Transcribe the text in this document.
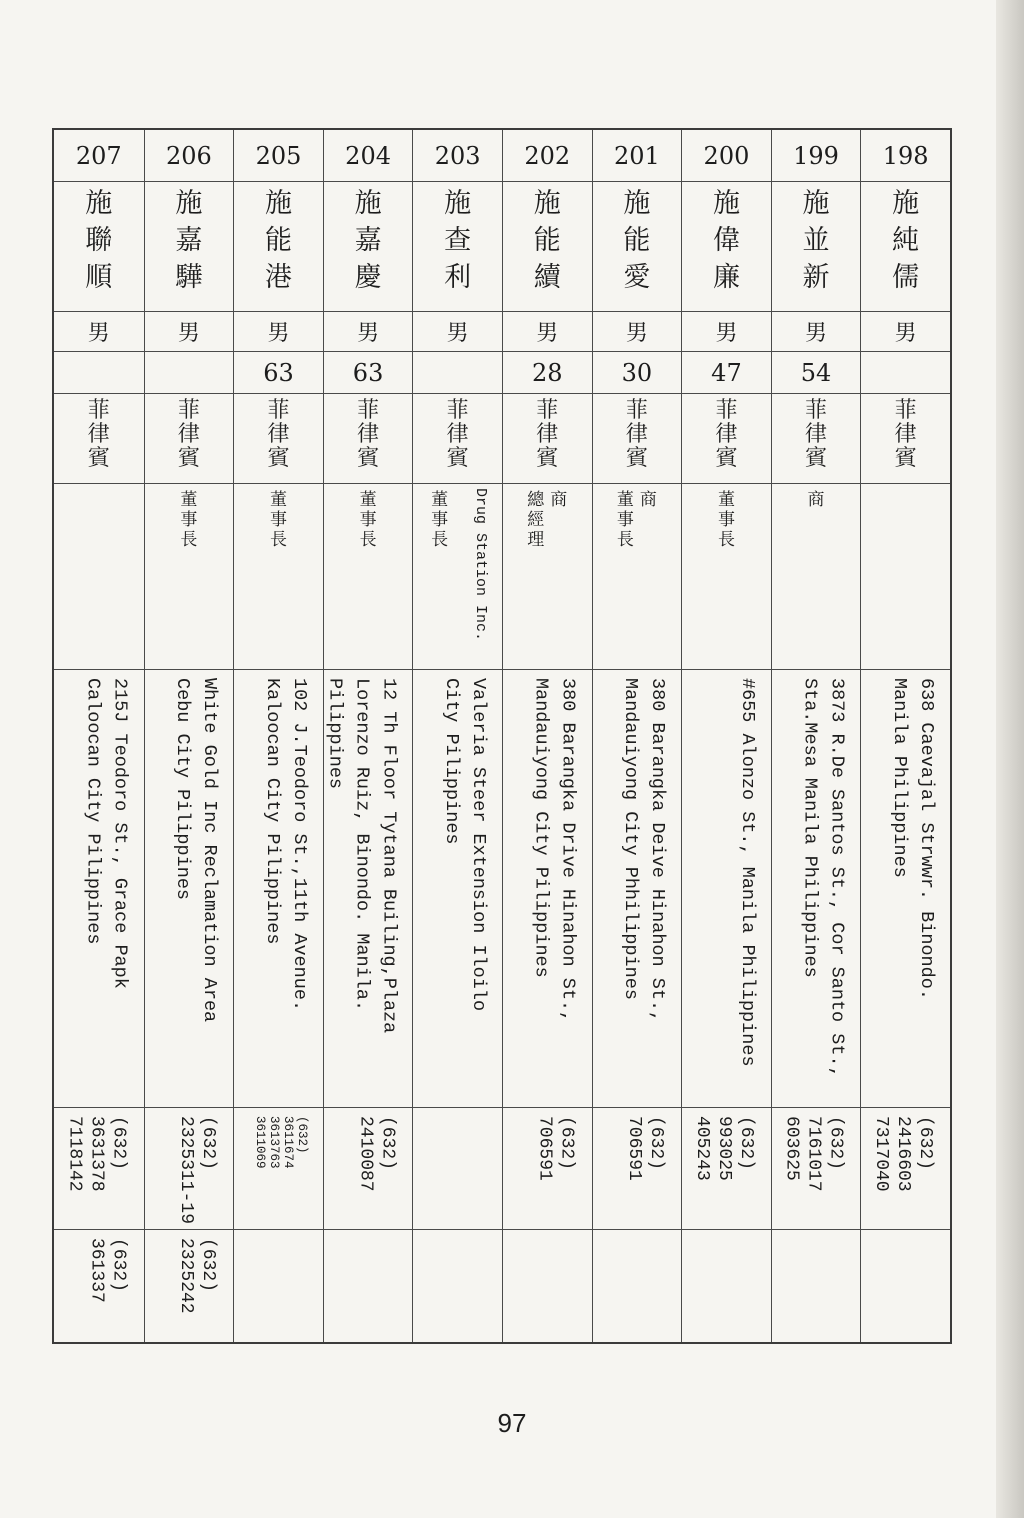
198
施
純
儒
男
菲
律
賓
638 Caevajal Strwwr. Binondo.
Manila Philippines
(632)
2416603
7317040
199
施
並
新
男
54
菲
律
賓
商
3873 R.De Santos St., Cor Santo St.,
Sta.Mesa Manila Philippines
(632)
7161017
603625
200
施
偉
廉
男
47
菲
律
賓
董
事
長
#655 Alonzo St., Manila Philippines
(632)
993025
405243
201
施
能
愛
男
30
菲
律
賓
商
董
事
長
380 Barangka Deive Hinahon St.,
Mandauiyong City Phhilippines
(632)
706591
202
施
能
續
男
28
菲
律
賓
商
總
經
理
380 Barangka Drive Hinahon St.,
Mandauiyong City Pilippines
(632)
706591
203
施
查
利
男
菲
律
賓
董
事
長 Drug Station Inc.
Valeria Steer Extension Iloilo
City Pilippines
204
施
嘉
慶
男
63
菲
律
賓
董
事
長
12 Th Floor Tytana Builing,Plaza
Lorenzo Ruiz, Binondo. Manila.
Pilippines
(632)
2410087
205
施
能
港
男
63
菲
律
賓
董
事
長
102 J.Teodoro St.,11th Avenue.
Kaloocan City Pilippines
(632)
3611674
3613763
3611069
206
施
嘉
驊
男
菲
律
賓
董
事
長
White Gold Inc Reclamation Area
Cebu City Pilippines
(632)
2325311-19
(632)
2325242
207
施
聯
順
男
菲
律
賓
215J Teodoro St., Grace Papk
Caloocan City Pilippines
(632)
3631378
7118142
(632)
361337
97
